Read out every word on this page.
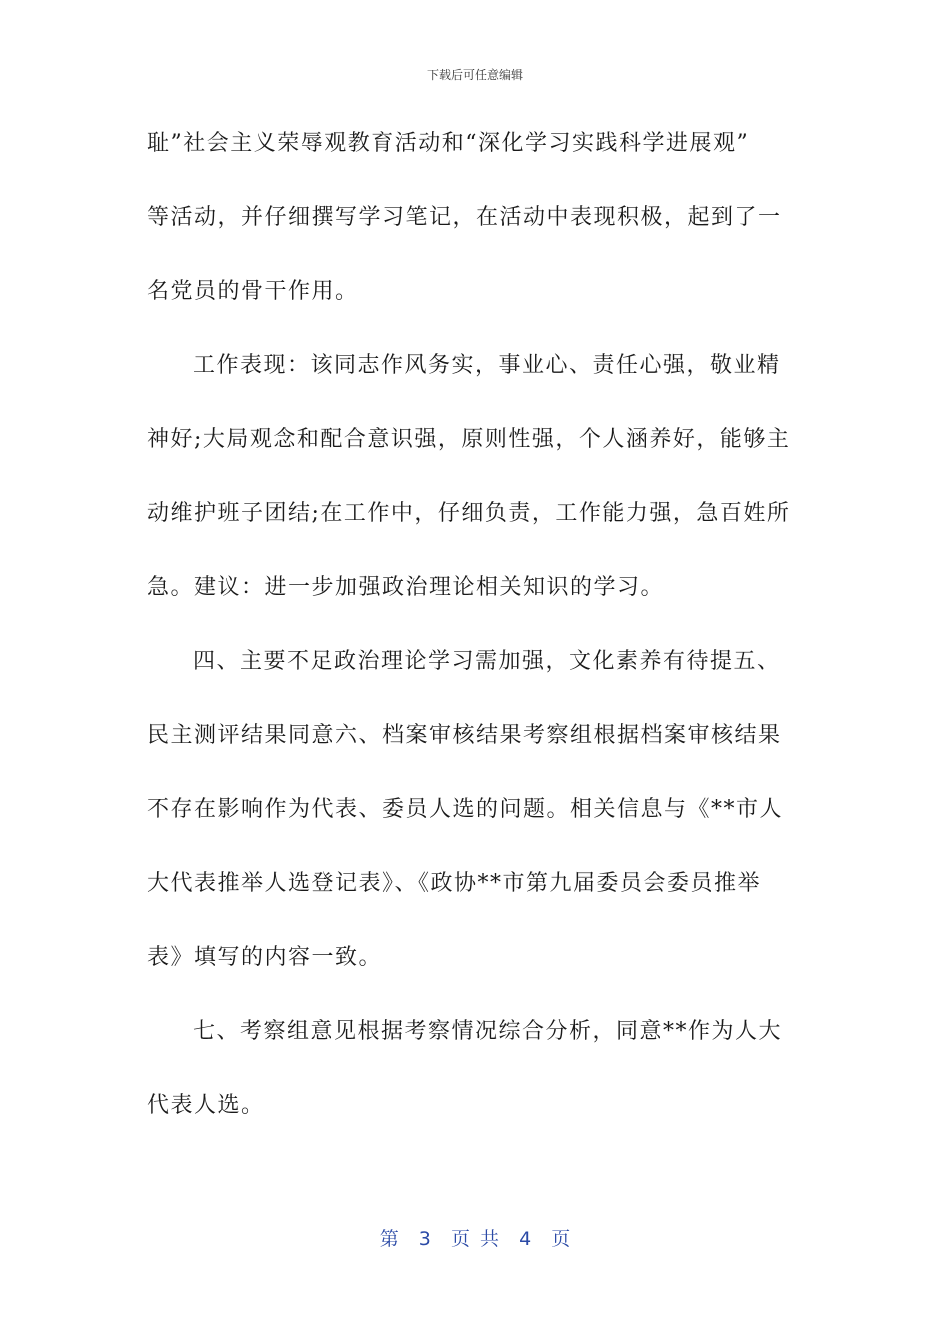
下载后可任意编辑
耻”社会主义荣辱观教育活动和“深化学习实践科学进展观”
等活动，并仔细撰写学习笔记，在活动中表现积极，起到了一
名党员的骨干作用。
工作表现：该同志作风务实，事业心、责任心强，敬业精
神好;大局观念和配合意识强，原则性强，个人涵养好，能够主
动维护班子团结;在工作中，仔细负责，工作能力强，急百姓所
急。建议：进一步加强政治理论相关知识的学习。
四、主要不足政治理论学习需加强，文化素养有待提五、
民主测评结果同意六、档案审核结果考察组根据档案审核结果
不存在影响作为代表、委员人选的问题。相关信息与《**市人
大代表推举人选登记表》、《政协**市第九届委员会委员推举
表》填写的内容一致。
七、考察组意见根据考察情况综合分析，同意**作为人大
代表人选。
第  3  页 共  4  页
